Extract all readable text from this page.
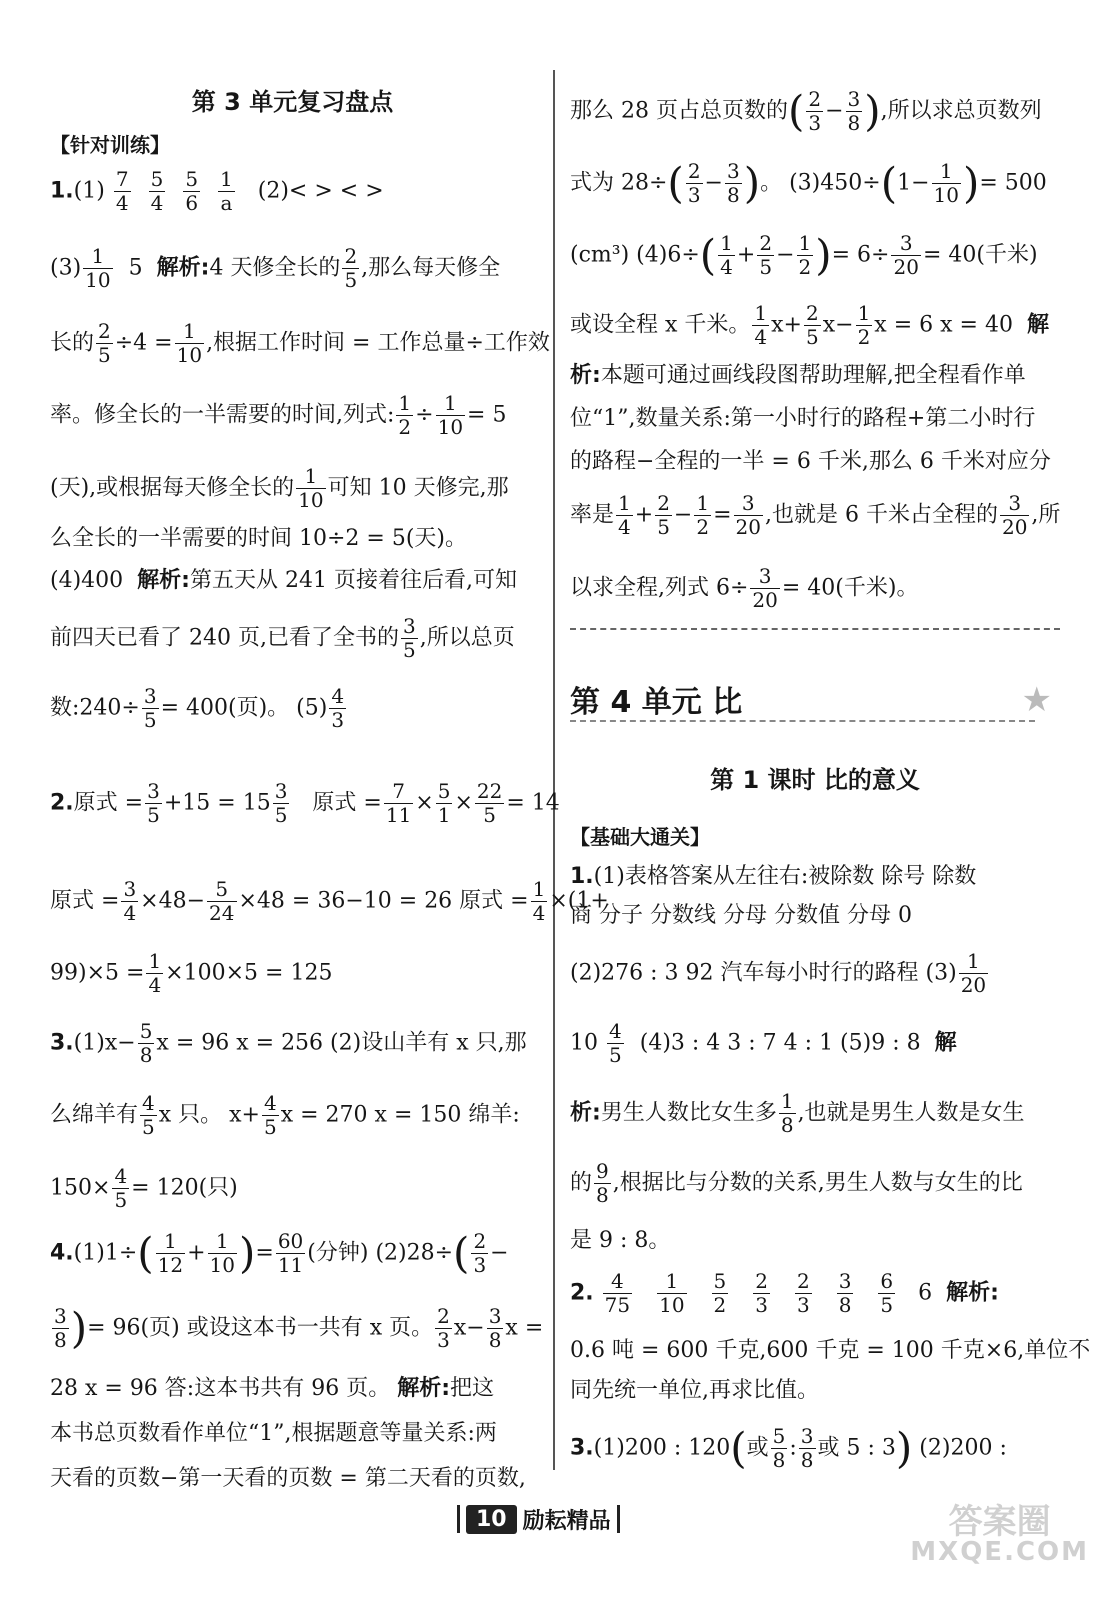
第 3 单元复习盘点
【针对训练】
$1.(1) \frac{7}{4}$
$\frac{5}{4}$
$\frac{5}{6}$
$\frac{1}{a} (2)<$ > < >
$(3) \frac{1}{10} 5$ 解析:4 天修全长的 $\frac{2}{5}$ ,那么每天修全
长的 $\frac{2}{5} \div 4 = \frac{1}{10}$ ,根据工作时间 = 工作总量÷工作效
率。修全长的一半需要的时间,列式: $\frac{1}{2} \div \frac{1}{10} = 5$
(天),或根据每天修全长的 $\frac{1}{10}$ 可知 10 天修完,那
么全长的一半需要的时间 10÷2 = 5(天)。
(4)400 解析:第五天从 241 页接着往后看,可知
前四天已看了 240 页,已看了全书的 $\frac{3}{5}$ ,所以总页
数:240÷ $\frac{3}{5} = 400$(页)。 $(5) \frac{4}{3}$
2.原式 = $\frac{3}{5} +15 = 15 \frac{3}{5}$ 原式 = $\frac{7}{11} \times \frac{5}{1} \times \frac{22}{5} = 14$
原式 = $\frac{3}{4} \times 48- \frac{5}{24} \times 48 = 36-10 = 26$ 原式 = $\frac{1}{4} \times(1+$
$99)\times 5 = \frac{1}{4} \times 100\times 5 = 125$
$3.(1)x- \frac{5}{8}$ x = 96 x = 256 (2)设山羊有 x 只,那
么绵羊有 $\frac{4}{5}$ x 只。 $x+ \frac{4}{5}$ x = 270 x = 150 绵羊:
$150\times \frac{4}{5} = 120$(只)
$4.(1)1\div( \frac{1}{12} + \frac{1}{10}$ )= $\frac{60}{11}$ (分钟) $(2)28\div( \frac{2}{3}$ −
$\frac{3}{8}$ )= 96(页) 或设这本书一共有 x 页。 $\frac{2}{3} x- \frac{3}{8}$ x =
28 x = 96 答:这本书共有 96 页。 解析:把这
本书总页数看作单位“1”,根据题意等量关系:两
天看的页数−第一天看的页数 = 第二天看的页数,
那么 28 页占总页数的( $\frac{2}{3} - \frac{3}{8}$ ),所以求总页数列
式为 $28\div( \frac{2}{3} - \frac{3}{8}$ )。 $(3)450\div(1- \frac{1}{10}$ )= 500
(cm³) $(4)6\div( \frac{1}{4} + \frac{2}{5} - \frac{1}{2}$ )= $6\div \frac{3}{20} = 40$(千米)
或设全程 x 千米。 $\frac{1}{4} x+ \frac{2}{5} x- \frac{1}{2}$ x = 6 x = 40 解
析:本题可通过画线段图帮助理解,把全程看作单
位“1”,数量关系:第一小时行的路程+第二小时行
的路程−全程的一半 = 6 千米,那么 6 千米对应分
率是 $\frac{1}{4} + \frac{2}{5} - \frac{1}{2} = \frac{3}{20}$ ,也就是 6 千米占全程的 $\frac{3}{20}$ ,所
以求全程,列式 $6\div \frac{3}{20} = 40$(千米)。
第 4 单元 比	★
第 1 课时 比的意义
【基础大通关】
1.(1)表格答案从左往右:被除数 除号 除数
商 分子 分数线 分母 分数值 分母 0
(2)276 : 3 92 汽车每小时行的路程 $(3) \frac{1}{20}$
$10 \frac{4}{5} (4)3$ : 4 3 : 7 4 : 1 (5)9 : 8 解
析:男生人数比女生多 $\frac{1}{8}$ ,也就是男生人数是女生
的 $\frac{9}{8}$ ,根据比与分数的关系,男生人数与女生的比
是 9 : 8。
2. $\frac{4}{75}$
$\frac{1}{10}$
$\frac{5}{2}$
$\frac{2}{3}$
$\frac{2}{3}$
$\frac{3}{8}$
$\frac{6}{5} 6$ 解析:
0.6 吨 = 600 千克,600 千克 = 100 千克×6,单位不
同先统一单位,再求比值。
3.(1)200 : 120(或 $\frac{5}{8}$ : $\frac{3}{8}$ 或 5 : 3) (2)200 :
10 励耘精品	答案圈
MXQE.COM
